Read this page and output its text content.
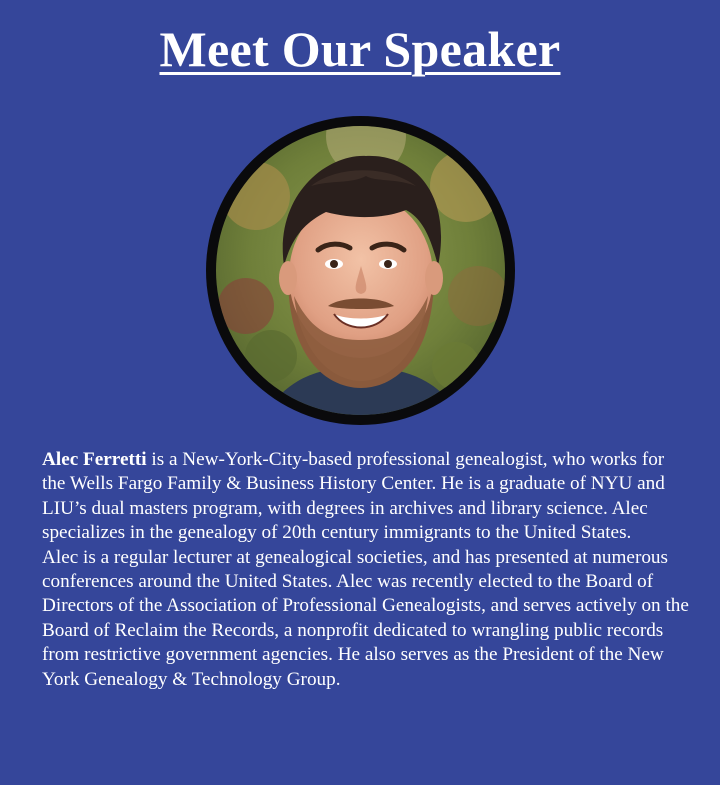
Meet Our Speaker

Alec Ferretti is a New-York-City-based professional genealogist, who works for the Wells Fargo Family & Business History Center. He is a graduate of NYU and LIU’s dual masters program, with degrees in archives and library science. Alec specializes in the genealogy of 20th century immigrants to the United States.

Alec is a regular lecturer at genealogical societies, and has presented at numerous conferences around the United States. Alec was recently elected to the Board of Directors of the Association of Professional Genealogists, and serves actively on the Board of Reclaim the Records, a nonprofit dedicated to wrangling public records from restrictive government agencies. He also serves as the President of the New York Genealogy & Technology Group.
